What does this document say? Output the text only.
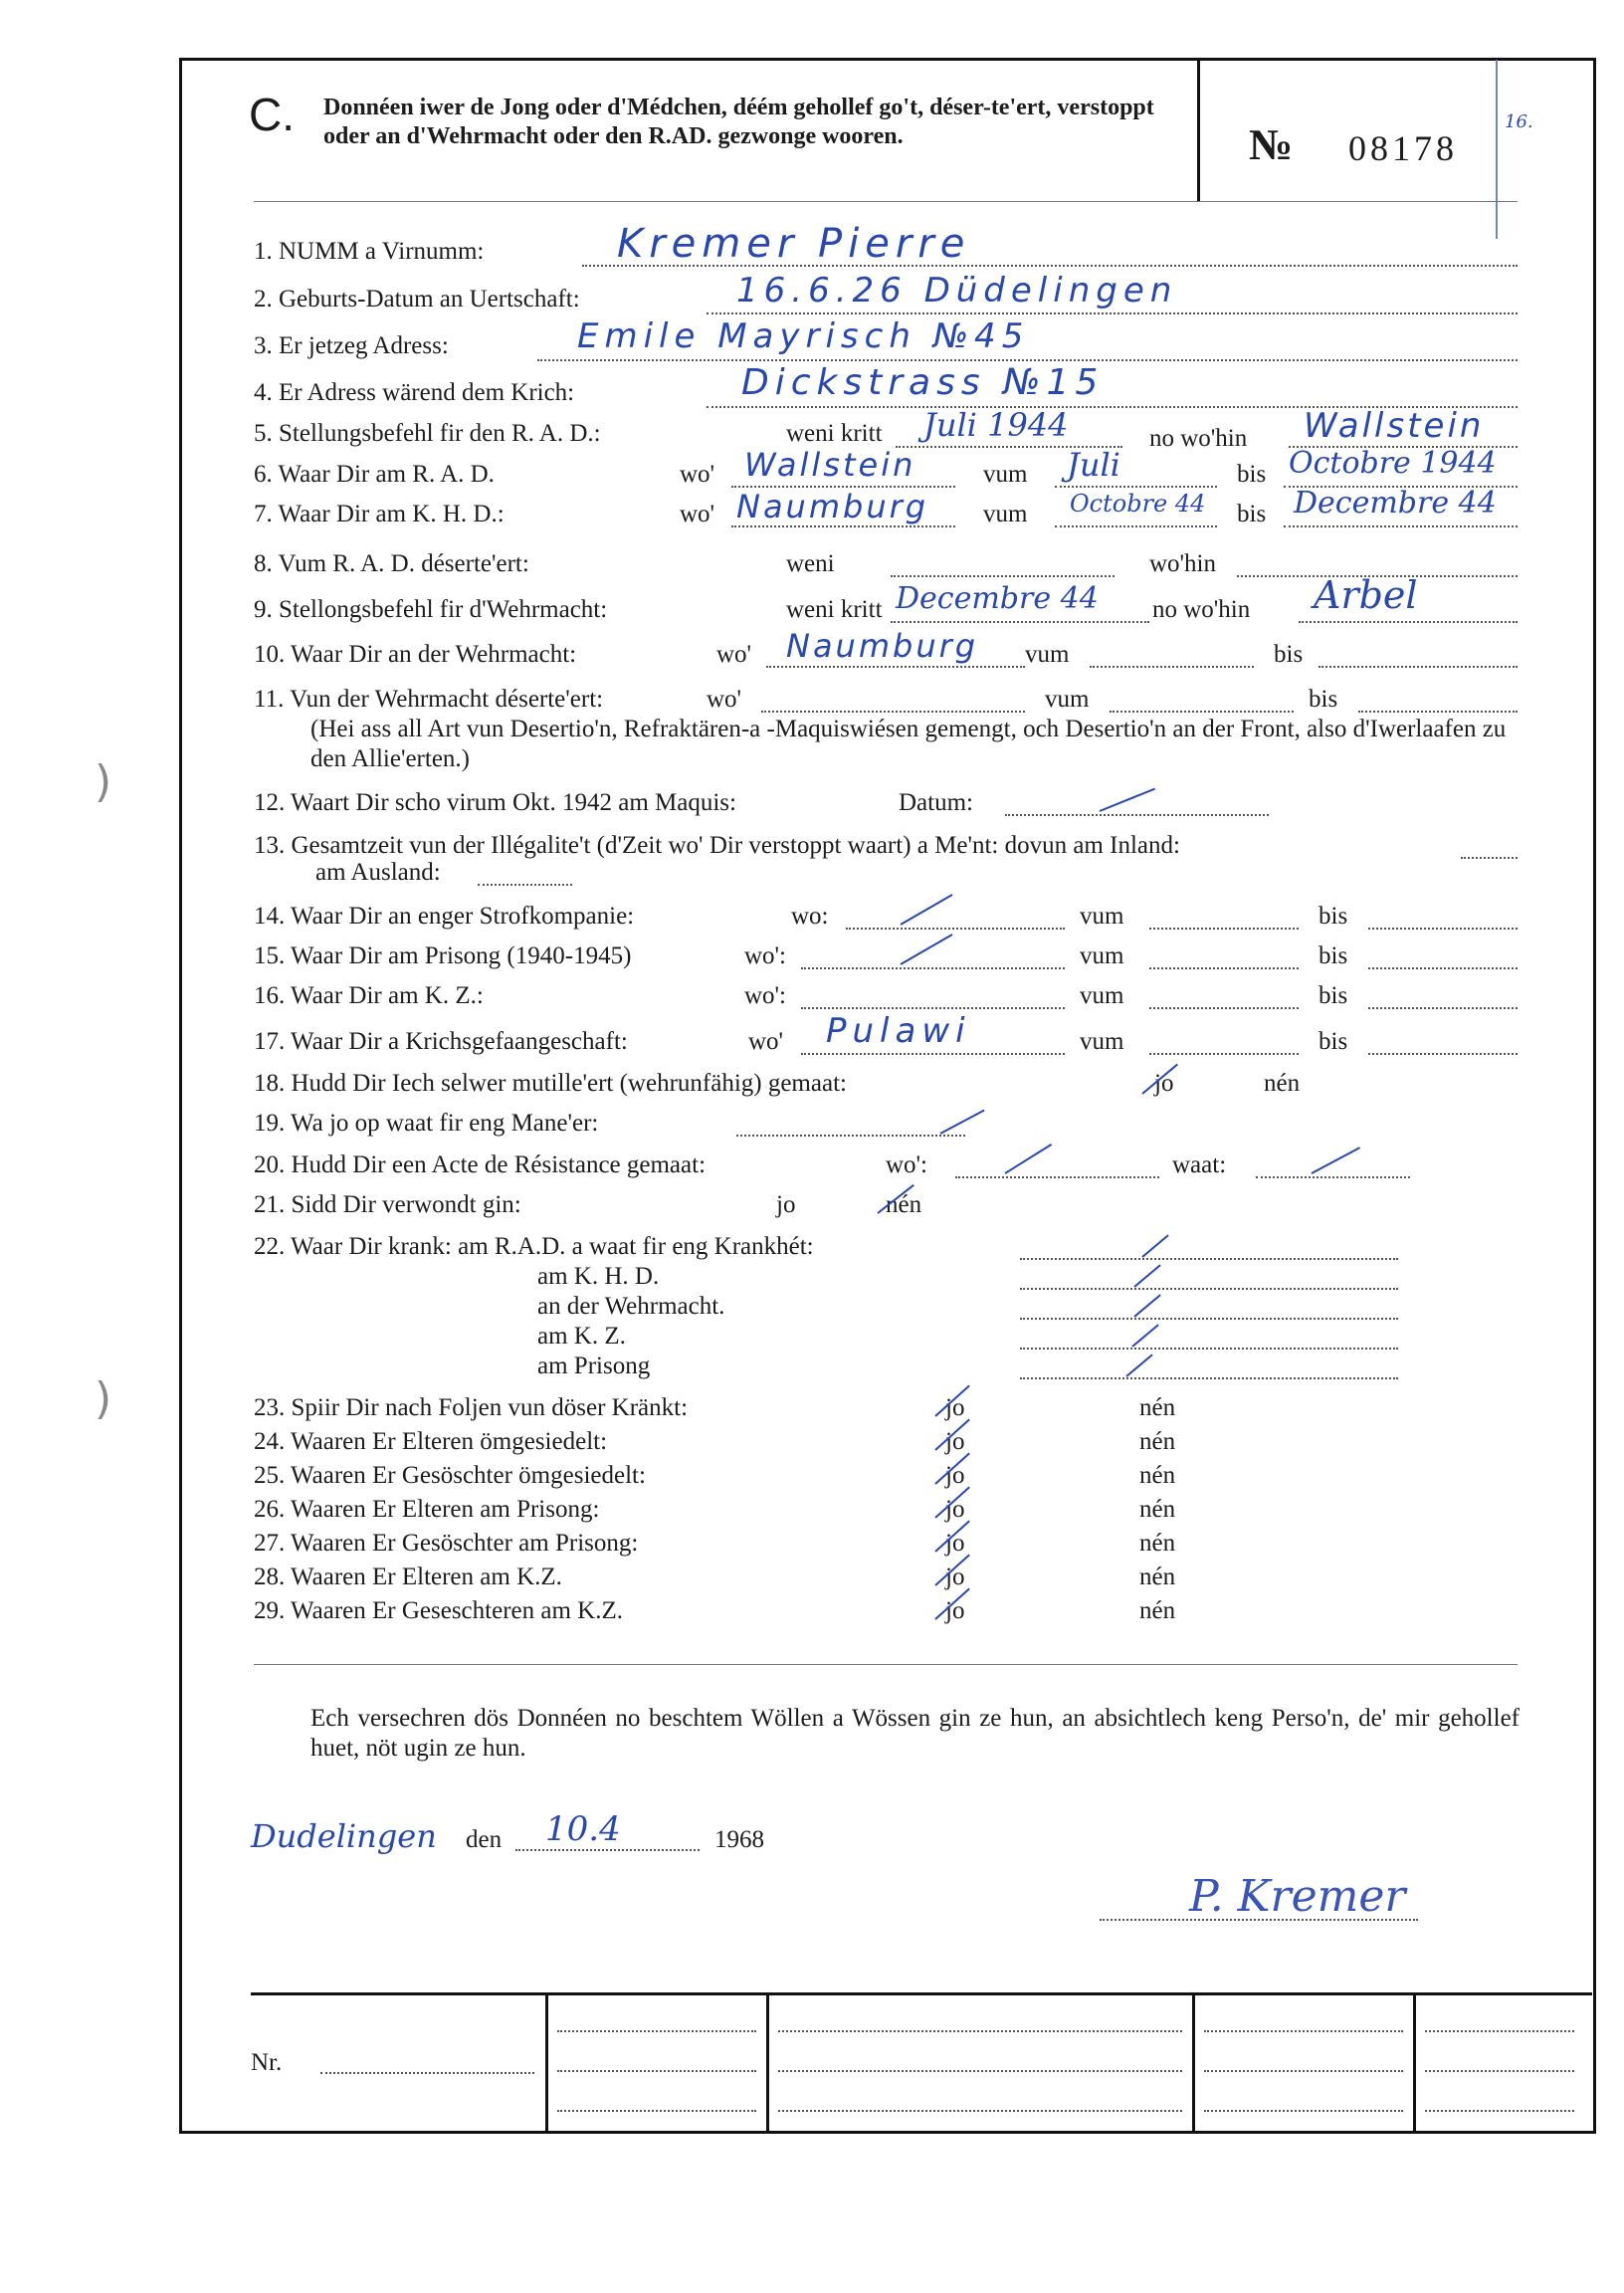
)
)
C. Donnéen iwer de Jong oder d'Médchen, déém gehollef go't, déser-te'ert, verstoppt oder an d'Wehrmacht oder den R.AD. gezwonge wooren.	№ 08178
16.
1. NUMM a Virnumm:	Kremer Pierre
2. Geburts-Datum an Uertschaft:	16.6.26 Düdelingen
3. Er jetzeg Adress:	Emile Mayrisch №45
4. Er Adress wärend dem Krich:	Dickstrass №15
5. Stellungsbefehl fir den R. A. D.:	weni kritt Juli 1944	no wo'hin Wallstein
6. Waar Dir am R. A. D.	wo' Wallstein	vum Juli	bis Octobre 1944
7. Waar Dir am K. H. D.:	wo' Naumburg vum Octobre 44 bis Decembre 44
8. Vum R. A. D. déserte'ert:	weni	wo'hin
9. Stellongsbefehl fir d'Wehrmacht:	weni kritt Decembre 44 no wo'hin Arbel
10. Waar Dir an der Wehrmacht:	wo' Naumburg vum	bis
11. Vun der Wehrmacht déserte'ert:	wo'	vum	bis
(Hei ass all Art vun Desertio'n, Refraktären-a -Maquiswiésen gemengt, och Desertio'n an der Front, also d'Iwerlaafen zu den Allie'erten.)
12. Waart Dir scho virum Okt. 1942 am Maquis:	Datum:
13. Gesamtzeit vun der Illégalite't (d'Zeit wo' Dir verstoppt waart) a Me'nt: dovun am Inland:
am Ausland:
14. Waar Dir an enger Strofkompanie:	wo:	vum	bis
15. Waar Dir am Prisong (1940-1945)	wo':	vum	bis
16. Waar Dir am K. Z.:	wo':	vum	bis
17. Waar Dir a Krichsgefaangeschaft:	wo' Pulawi	vum	bis
18. Hudd Dir Iech selwer mutille'ert (wehrunfähig) gemaat:	jo	nén
19. Wa jo op waat fir eng Mane'er:
20. Hudd Dir een Acte de Résistance gemaat:	wo':	waat:
21. Sidd Dir verwondt gin:	jo	nén
22. Waar Dir krank: am R.A.D. a waat fir eng Krankhét:
am K. H. D.
an der Wehrmacht.
am K. Z.
am Prisong
23. Spiir Dir nach Foljen vun döser Kränkt:	jo	nén
24. Waaren Er Elteren ömgesiedelt:	jo	nén
25. Waaren Er Gesöschter ömgesiedelt:	jo	nén
26. Waaren Er Elteren am Prisong:	jo	nén
27. Waaren Er Gesöschter am Prisong:	jo	nén
28. Waaren Er Elteren am K.Z.	jo	nén
29. Waaren Er Geseschteren am K.Z.	jo	nén
Ech versechren dös Donnéen no beschtem Wöllen a Wössen gin ze hun, an absichtlech keng Perso'n, de' mir gehollef huet, nöt ugin ze hun.
Dudelingen den 10.4	1968
P. Kremer
Nr.
